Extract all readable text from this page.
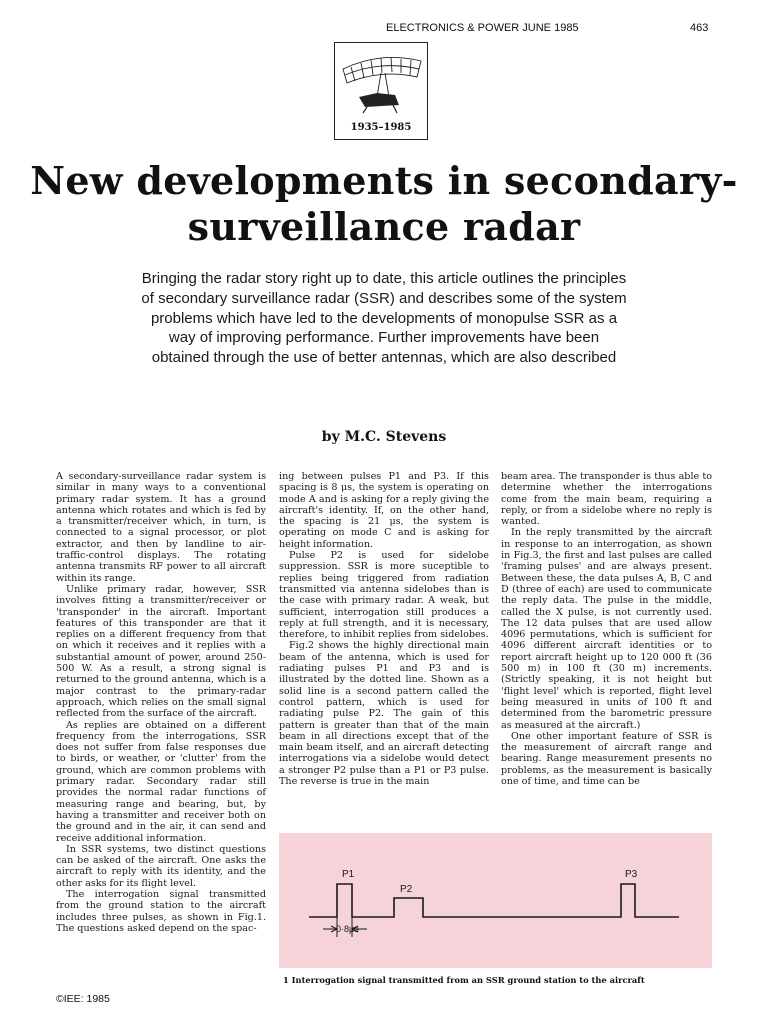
ELECTRONICS & POWER JUNE 1985	463
1935–1985
New developments in secondary-surveillance radar

Bringing the radar story right up to date, this article outlines the principles of secondary surveillance radar (SSR) and describes some of the system problems which have led to the developments of monopulse SSR as a way of improving performance. Further improvements have been obtained through the use of better antennas, which are also described

by M.C. Stevens

A secondary-surveillance radar system is similar in many ways to a conventional primary radar system. It has a ground antenna which rotates and which is fed by a transmitter/receiver which, in turn, is connected to a signal processor, or plot extractor, and then by landline to air-traffic-control displays. The rotating antenna transmits RF power to all aircraft within its range.

Unlike primary radar, however, SSR involves fitting a transmitter/receiver or 'transponder' in the aircraft. Important features of this transponder are that it replies on a different frequency from that on which it receives and it replies with a substantial amount of power, around 250-500 W. As a result, a strong signal is returned to the ground antenna, which is a major contrast to the primary-radar approach, which relies on the small signal reflected from the surface of the aircraft.

As replies are obtained on a different frequency from the interrogations, SSR does not suffer from false responses due to birds, or weather, or 'clutter' from the ground, which are common problems with primary radar. Secondary radar still provides the normal radar functions of measuring range and bearing, but, by having a transmitter and receiver both on the ground and in the air, it can send and receive additional information.

In SSR systems, two distinct questions can be asked of the aircraft. One asks the aircraft to reply with its identity, and the other asks for its flight level.

The interrogation signal transmitted from the ground station to the aircraft includes three pulses, as shown in Fig.1. The questions asked depend on the spac-

ing between pulses P1 and P3. If this spacing is 8 μs, the system is operating on mode A and is asking for a reply giving the aircraft's identity. If, on the other hand, the spacing is 21 μs, the system is operating on mode C and is asking for height information.

Pulse P2 is used for sidelobe suppression. SSR is more suceptible to replies being triggered from radiation transmitted via antenna sidelobes than is the case with primary radar. A weak, but sufficient, interrogation still produces a reply at full strength, and it is necessary, therefore, to inhibit replies from sidelobes.

Fig.2 shows the highly directional main beam of the antenna, which is used for radiating pulses P1 and P3 and is illustrated by the dotted line. Shown as a solid line is a second pattern called the control pattern, which is used for radiating pulse P2. The gain of this pattern is greater than that of the main beam in all directions except that of the main beam itself, and an aircraft detecting interrogations via a sidelobe would detect a stronger P2 pulse than a P1 or P3 pulse. The reverse is true in the main

beam area. The transponder is thus able to determine whether the interrogations come from the main beam, requiring a reply, or from a sidelobe where no reply is wanted.

In the reply transmitted by the aircraft in response to an interrogation, as shown in Fig.3, the first and last pulses are called 'framing pulses' and are always present. Between these, the data pulses A, B, C and D (three of each) are used to communicate the reply data. The pulse in the middle, called the X pulse, is not currently used. The 12 data pulses that are used allow 4096 permutations, which is sufficient for 4096 different aircraft identities or to report aircraft height up to 120 000 ft (36 500 m) in 100 ft (30 m) increments. (Strictly speaking, it is not height but 'flight level' which is reported, flight level being measured in units of 100 ft and determined from the barometric pressure as measured at the aircraft.)

One other important feature of SSR is the measurement of aircraft range and bearing. Range measurement presents no problems, as the measurement is basically one of time, and time can be

P1
P2
P3
0·8μs
1 Interrogation signal transmitted from an SSR ground station to the aircraft
©IEE: 1985
